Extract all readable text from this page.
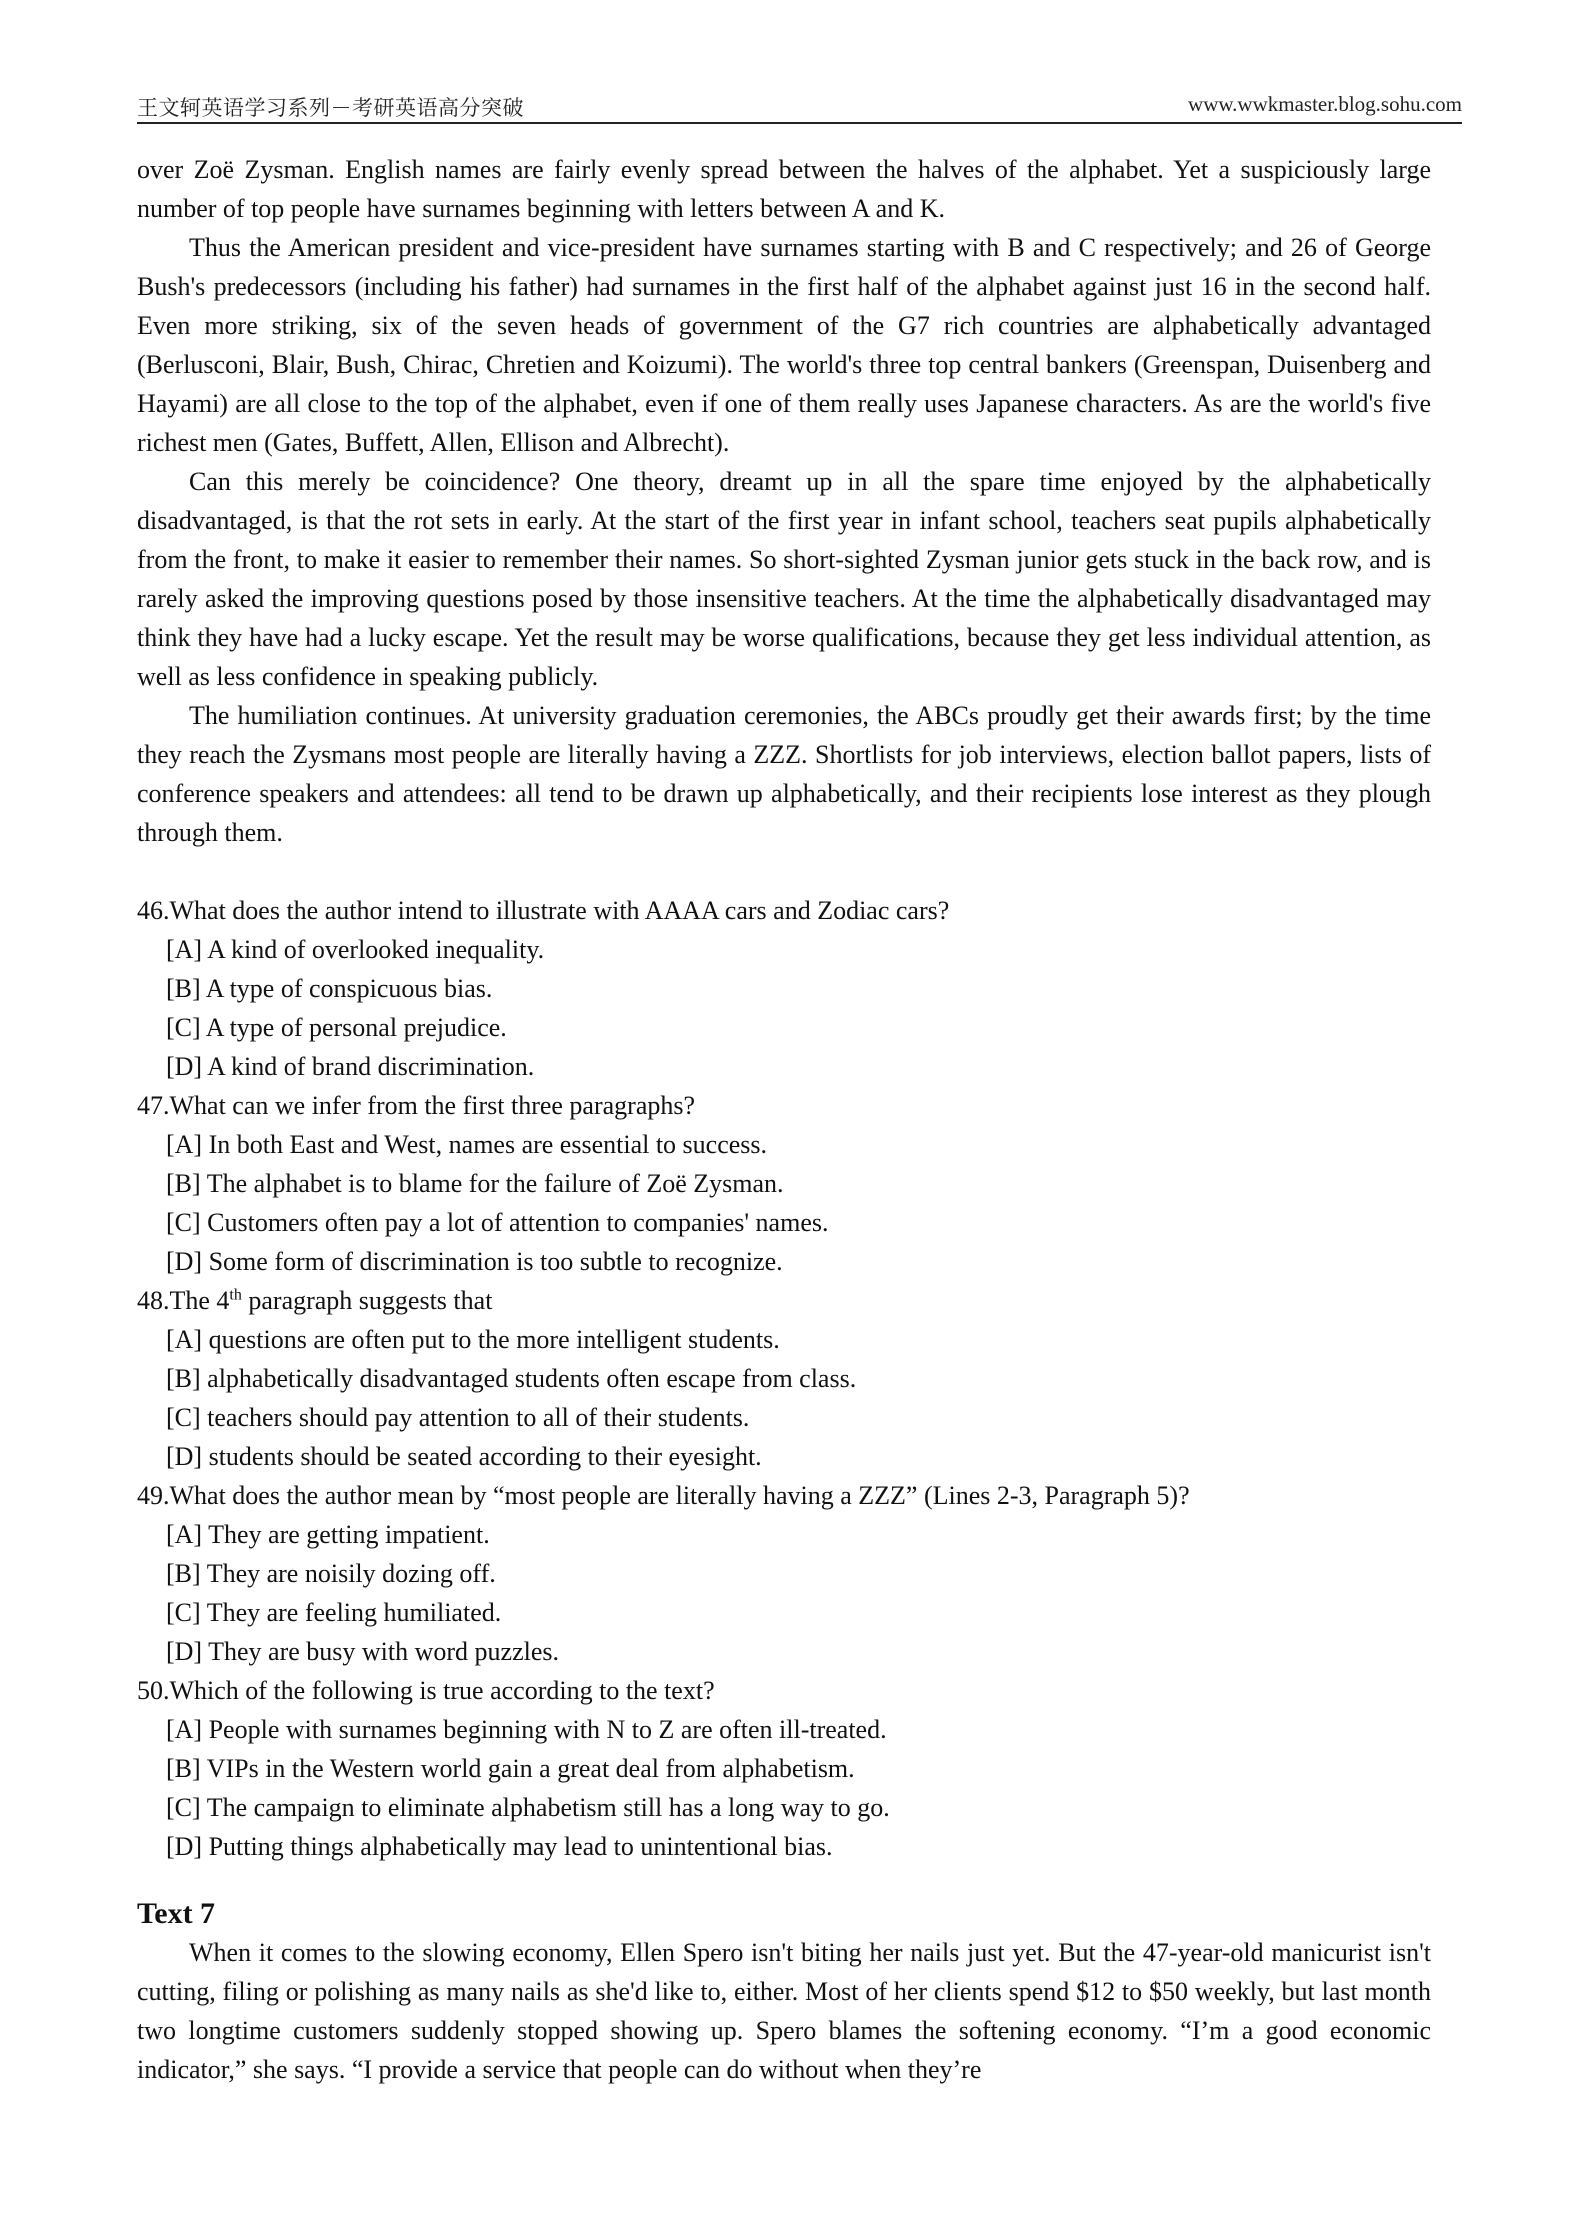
王文轲英语学习系列－考研英语高分突破	www.wwkmaster.blog.sohu.com

over Zoë Zysman. English names are fairly evenly spread between the halves of the alphabet. Yet a suspiciously large number of top people have surnames beginning with letters between A and K.

Thus the American president and vice-president have surnames starting with B and C respectively; and 26 of George Bush's predecessors (including his father) had surnames in the first half of the alphabet against just 16 in the second half. Even more striking, six of the seven heads of government of the G7 rich countries are alphabetically advantaged (Berlusconi, Blair, Bush, Chirac, Chretien and Koizumi). The world's three top central bankers (Greenspan, Duisenberg and Hayami) are all close to the top of the alphabet, even if one of them really uses Japanese characters. As are the world's five richest men (Gates, Buffett, Allen, Ellison and Albrecht).

Can this merely be coincidence? One theory, dreamt up in all the spare time enjoyed by the alphabetically disadvantaged, is that the rot sets in early. At the start of the first year in infant school, teachers seat pupils alphabetically from the front, to make it easier to remember their names. So short-sighted Zysman junior gets stuck in the back row, and is rarely asked the improving questions posed by those insensitive teachers. At the time the alphabetically disadvantaged may think they have had a lucky escape. Yet the result may be worse qualifications, because they get less individual attention, as well as less confidence in speaking publicly.

The humiliation continues. At university graduation ceremonies, the ABCs proudly get their awards first; by the time they reach the Zysmans most people are literally having a ZZZ. Shortlists for job interviews, election ballot papers, lists of conference speakers and attendees: all tend to be drawn up alphabetically, and their recipients lose interest as they plough through them.

46.What does the author intend to illustrate with AAAA cars and Zodiac cars?
[A] A kind of overlooked inequality.
[B] A type of conspicuous bias.
[C] A type of personal prejudice.
[D] A kind of brand discrimination.
47.What can we infer from the first three paragraphs?
[A] In both East and West, names are essential to success.
[B] The alphabet is to blame for the failure of Zoë Zysman.
[C] Customers often pay a lot of attention to companies' names.
[D] Some form of discrimination is too subtle to recognize.
48.The 4th paragraph suggests that
[A] questions are often put to the more intelligent students.
[B] alphabetically disadvantaged students often escape from class.
[C] teachers should pay attention to all of their students.
[D] students should be seated according to their eyesight.
49.What does the author mean by “most people are literally having a ZZZ” (Lines 2-3, Paragraph 5)?
[A] They are getting impatient.
[B] They are noisily dozing off.
[C] They are feeling humiliated.
[D] They are busy with word puzzles.
50.Which of the following is true according to the text?
[A] People with surnames beginning with N to Z are often ill-treated.
[B] VIPs in the Western world gain a great deal from alphabetism.
[C] The campaign to eliminate alphabetism still has a long way to go.
[D] Putting things alphabetically may lead to unintentional bias.
Text 7

When it comes to the slowing economy, Ellen Spero isn't biting her nails just yet. But the 47-year-old manicurist isn't cutting, filing or polishing as many nails as she'd like to, either. Most of her clients spend $12 to $50 weekly, but last month two longtime customers suddenly stopped showing up. Spero blames the softening economy. “I’m a good economic indicator,” she says. “I provide a service that people can do without when they’re
